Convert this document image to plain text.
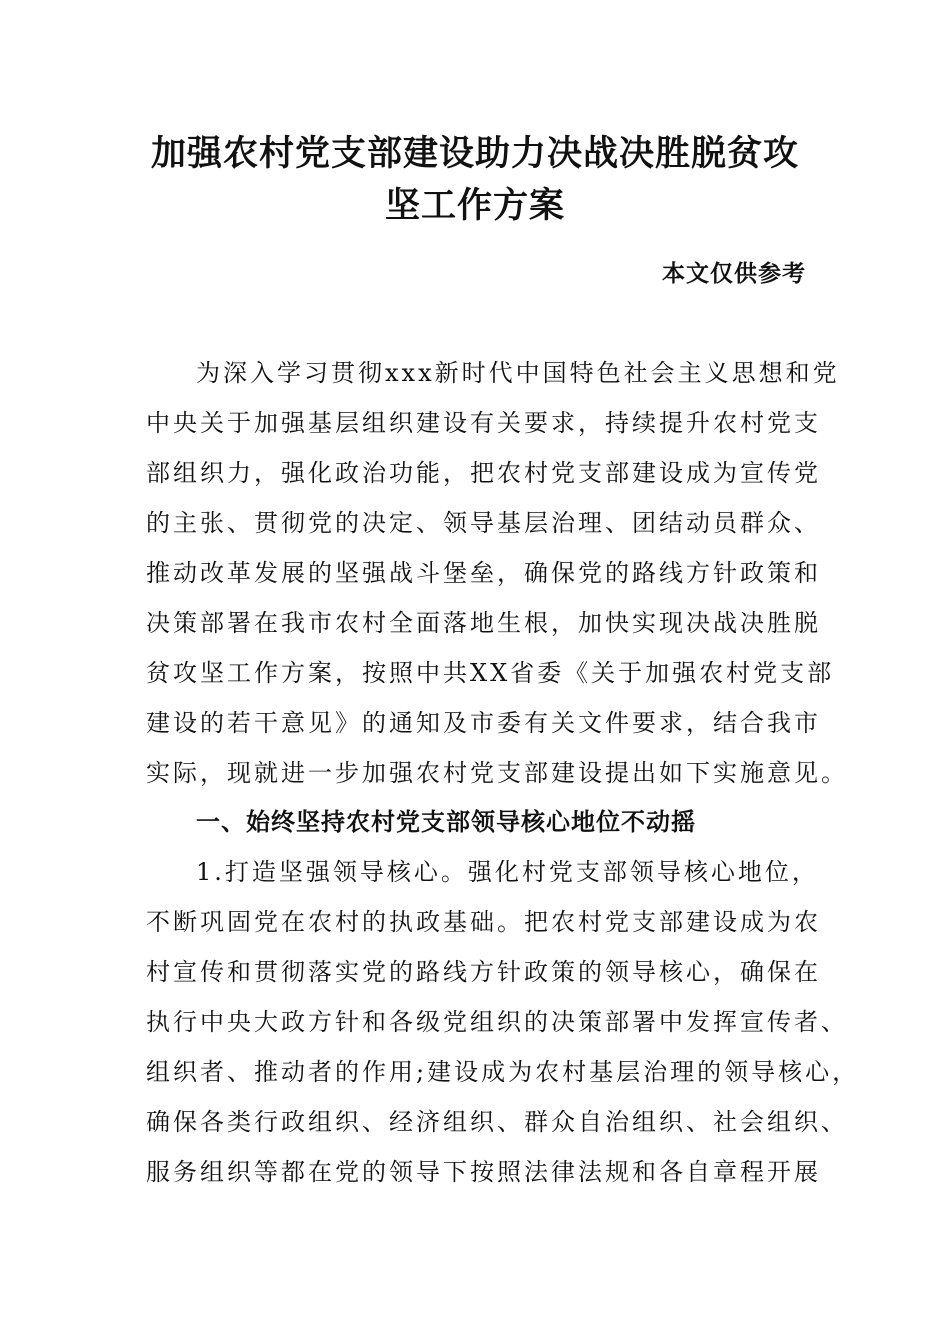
加强农村党支部建设助力决战决胜脱贫攻
坚工作方案
本文仅供参考
为深入学习贯彻xxx新时代中国特色社会主义思想和党
中央关于加强基层组织建设有关要求，持续提升农村党支
部组织力，强化政治功能，把农村党支部建设成为宣传党
的主张、贯彻党的决定、领导基层治理、团结动员群众、
推动改革发展的坚强战斗堡垒，确保党的路线方针政策和
决策部署在我市农村全面落地生根，加快实现决战决胜脱
贫攻坚工作方案，按照中共XX省委《关于加强农村党支部
建设的若干意见》的通知及市委有关文件要求，结合我市
实际，现就进一步加强农村党支部建设提出如下实施意见。
一、始终坚持农村党支部领导核心地位不动摇
1.打造坚强领导核心。强化村党支部领导核心地位，
不断巩固党在农村的执政基础。把农村党支部建设成为农
村宣传和贯彻落实党的路线方针政策的领导核心，确保在
执行中央大政方针和各级党组织的决策部署中发挥宣传者、
组织者、推动者的作用;建设成为农村基层治理的领导核心，
确保各类行政组织、经济组织、群众自治组织、社会组织、
服务组织等都在党的领导下按照法律法规和各自章程开展
